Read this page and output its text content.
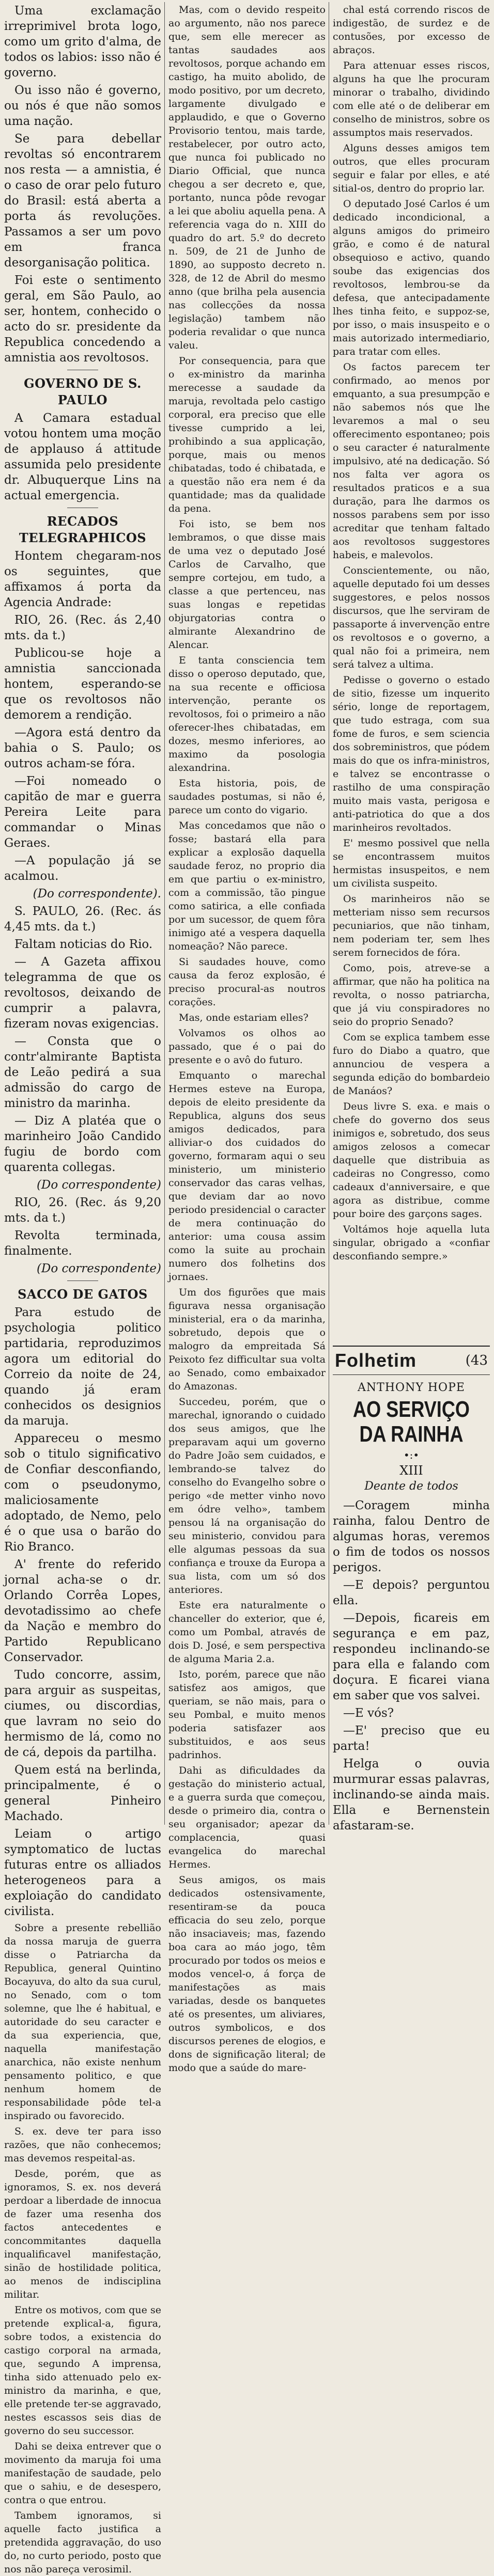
Uma exclamação irreprimivel brota logo, como um grito d'alma, de todos os labios: isso não é governo.

Ou isso não é governo, ou nós é que não somos uma nação.

Se para debellar revoltas só encontrarem nos resta — a amnistia, é o caso de orar pelo futuro do Brasil: está aberta a porta ás revoluções. Passamos a ser um povo em franca desorganisação politica.

Foi este o sentimento geral, em São Paulo, ao ser, hontem, conhecido o acto do sr. presidente da Republica concedendo a amnistia aos revoltosos.

GOVERNO DE S. PAULO

A Camara estadual votou hontem uma moção de applauso á attitude assumida pelo presidente dr. Albuquerque Lins na actual emergencia.

RECADOS TELEGRAPHICOS

Hontem chegaram-nos os seguintes, que affixamos á porta da Agencia Andrade:

RIO, 26. (Rec. ás 2,40 mts. da t.)

Publicou-se hoje a amnistia sanccionada hontem, esperando-se que os revoltosos não demorem a rendição.

—Agora está dentro da bahia o S. Paulo; os outros acham-se fóra.

—Foi nomeado o capitão de mar e guerra Pereira Leite para commandar o Minas Geraes.

—A população já se acalmou.

(Do correspondente).

S. PAULO, 26. (Rec. ás 4,45 mts. da t.)

Faltam noticias do Rio.

— A Gazeta affixou telegramma de que os revoltosos, deixando de cumprir a palavra, fizeram novas exigencias.

— Consta que o contr'almirante Baptista de Leão pedirá a sua admissão do cargo de ministro da marinha.

— Diz A platéa que o marinheiro João Candido fugiu de bordo com quarenta collegas.

(Do correspondente)

RIO, 26. (Rec. ás 9,20 mts. da t.)

Revolta terminada, finalmente.

(Do correspondente)

SACCO DE GATOS

Para estudo de psychologia politico partidaria, reproduzimos agora um editorial do Correio da noite de 24, quando já eram conhecidos os designios da maruja.

Appareceu o mesmo sob o titulo significativo de Confiar desconfiando, com o pseudonymo, maliciosamente adoptado, de Nemo, pelo é o que usa o barão do Rio Branco.

A' frente do referido jornal acha-se o dr. Orlando Corrêa Lopes, devotadissimo ao chefe da Nação e membro do Partido Republicano Conservador.

Tudo concorre, assim, para arguir as suspeitas, ciumes, ou discordias, que lavram no seio do hermismo de lá, como no de cá, depois da partilha.

Quem está na berlinda, principalmente, é o general Pinheiro Machado.

Leiam o artigo symptomatico de luctas futuras entre os alliados heterogeneos para a exploiação do candidato civilista.

Sobre a presente rebellião da nossa maruja de guerra disse o Patriarcha da Republica, general Quintino Bocayuva, do alto da sua curul, no Senado, com o tom solemne, que lhe é habitual, e autoridade do seu caracter e da sua experiencia, que, naquella manifestação anarchica, não existe nenhum pensamento politico, e que nenhum homem de responsabilidade pôde tel-a inspirado ou favorecido.

S. ex. deve ter para isso razões, que não conhecemos; mas devemos respeital-as.

Desde, porém, que as ignoramos, S. ex. nos deverá perdoar a liberdade de innocua de fazer uma resenha dos factos antecedentes e concommitantes daquella inqualificavel manifestação, sinão de hostilidade politica, ao menos de indisciplina militar.

Entre os motivos, com que se pretende explical-a, figura, sobre todos, a existencia do castigo corporal na armada, que, segundo A imprensa, tinha sido attenuado pelo ex-ministro da marinha, e que, elle pretende ter-se aggravado, nestes escassos seis dias de governo do seu successor.

Dahi se deixa entrever que o movimento da maruja foi uma manifestação de saudade, pelo que o sahiu, e de desespero, contra o que entrou.

Tambem ignoramos, si aquelle facto justifica a pretendida aggravação, do uso do, no curto periodo, posto que nos não pareça verosimil.

Mas, com o devido respeito ao argumento, não nos parece que, sem elle merecer as tantas saudades aos revoltosos, porque achando em castigo, ha muito abolido, de modo positivo, por um decreto, largamente divulgado e applaudido, e que o Governo Provisorio tentou, mais tarde, restabelecer, por outro acto, que nunca foi publicado no Diario Official, que nunca chegou a ser decreto e, que, portanto, nunca pôde revogar a lei que aboliu aquella pena. A referencia vaga do n. XIII do quadro do art. 5.º do decreto n. 509, de 21 de Junho de 1890, ao supposto decreto n. 328, de 12 de Abril do mesmo anno (que brilha pela ausencia nas collecções da nossa legislação) tambem não poderia revalidar o que nunca valeu.

Por consequencia, para que o ex-ministro da marinha merecesse a saudade da maruja, revoltada pelo castigo corporal, era preciso que elle tivesse cumprido a lei, prohibindo a sua applicação, porque, mais ou menos chibatadas, todo é chibatada, e a questão não era nem é da quantidade; mas da qualidade da pena.

Foi isto, se bem nos lembramos, o que disse mais de uma vez o deputado José Carlos de Carvalho, que sempre cortejou, em tudo, a classe a que pertenceu, nas suas longas e repetidas objurgatorias contra o almirante Alexandrino de Alencar.

E tanta consciencia tem disso o operoso deputado, que, na sua recente e officiosa intervenção, perante os revoltosos, foi o primeiro a não oferecer-lhes chibatadas, em dozes, mesmo inferiores, ao maximo da posologia alexandrina.

Esta historia, pois, de saudades postumas, si não é, parece um conto do vigario.

Mas concedamos que não o fosse; bastará ella para explicar a explosão daquella saudade feroz, no proprio dia em que partiu o ex-ministro, com a commissão, tão pingue como satirica, a elle confiada por um sucessor, de quem fôra inimigo até a vespera daquella nomeação? Não parece.

Si saudades houve, como causa da feroz explosão, é preciso procural-as noutros corações.

Mas, onde estariam elles?

Volvamos os olhos ao passado, que é o pai do presente e o avô do futuro.

Emquanto o marechal Hermes esteve na Europa, depois de eleito presidente da Republica, alguns dos seus amigos dedicados, para alliviar-o dos cuidados do governo, formaram aqui o seu ministerio, um ministerio conservador das caras velhas, que deviam dar ao novo periodo presidencial o caracter de mera continuação do anterior: uma cousa assim como la suite au prochain numero dos folhetins dos jornaes.

Um dos figurões que mais figurava nessa organisação ministerial, era o da marinha, sobretudo, depois que o malogro da empreitada Sá Peixoto fez difficultar sua volta ao Senado, como embaixador do Amazonas.

Succedeu, porém, que o marechal, ignorando o cuidado dos seus amigos, que lhe preparavam aqui um governo do Padre João sem cuidados, e lembrando-se talvez do conselho do Evangelho sobre o perigo «de metter vinho novo em ódre velho», tambem pensou lá na organisação do seu ministerio, convidou para elle algumas pessoas da sua confiança e trouxe da Europa a sua lista, com um só dos anteriores.

Este era naturalmente o chanceller do exterior, que é, como um Pombal, através de dois D. José, e sem perspectiva de alguma Maria 2.a.

Isto, porém, parece que não satisfez aos amigos, que queriam, se não mais, para o seu Pombal, e muito menos poderia satisfazer aos substituidos, e aos seus padrinhos.

Dahi as dificuldades da gestação do ministerio actual, e a guerra surda que começou, desde o primeiro dia, contra o seu organisador; apezar da complacencia, quasi evangelica do marechal Hermes.

Seus amigos, os mais dedicados ostensivamente, resentiram-se da pouca efficacia do seu zelo, porque não insaciaveis; mas, fazendo boa cara ao máo jogo, têm procurado por todos os meios e modos vencel-o, á força de manifestações as mais variadas, desde os banquetes até os presentes, um aliviares, outros symbolicos, e dos discursos perenes de elogios, e dons de significação literal; de modo que a saúde do mare-

chal está correndo riscos de indigestão, de surdez e de contusões, por excesso de abraços.

Para attenuar esses riscos, alguns ha que lhe procuram minorar o trabalho, dividindo com elle até o de deliberar em conselho de ministros, sobre os assumptos mais reservados.

Alguns desses amigos tem outros, que elles procuram seguir e falar por elles, e até sitial-os, dentro do proprio lar.

O deputado José Carlos é um dedicado incondicional, a alguns amigos do primeiro grão, e como é de natural obsequioso e activo, quando soube das exigencias dos revoltosos, lembrou-se da defesa, que antecipadamente lhes tinha feito, e suppoz-se, por isso, o mais insuspeito e o mais autorizado intermediario, para tratar com elles.

Os factos parecem ter confirmado, ao menos por emquanto, a sua presumpção e não sabemos nós que lhe levaremos a mal o seu offerecimento espontaneo; pois o seu caracter é naturalmente impulsivo, até na dedicação. Só nos falta ver agora os resultados praticos e a sua duração, para lhe darmos os nossos parabens sem por isso acreditar que tenham faltado aos revoltosos suggestores habeis, e malevolos.

Conscientemente, ou não, aquelle deputado foi um desses suggestores, e pelos nossos discursos, que lhe serviram de passaporte á invervenção entre os revoltosos e o governo, a qual não foi a primeira, nem será talvez a ultima.

Pedisse o governo o estado de sitio, fizesse um inquerito sério, longe de reportagem, que tudo estraga, com sua fome de furos, e sem sciencia dos sobreministros, que pódem mais do que os infra-ministros, e talvez se encontrasse o rastilho de uma conspiração muito mais vasta, perigosa e anti-patriotica do que a dos marinheiros revoltados.

E' mesmo possivel que nella se encontrassem muitos hermistas insuspeitos, e nem um civilista suspeito.

Os marinheiros não se metteriam nisso sem recursos pecuniarios, que não tinham, nem poderiam ter, sem lhes serem fornecidos de fóra.

Como, pois, atreve-se a affirmar, que não ha politica na revolta, o nosso patriarcha, que já viu conspiradores no seio do proprio Senado?

Com se explica tambem esse furo do Diabo a quatro, que annunciou de vespera a segunda edição do bombardeio de Manáos?

Deus livre S. exa. e mais o chefe do governo dos seus inimigos e, sobretudo, dos seus amigos zelosos a comecar daquelle que distribuia as cadeiras no Congresso, como cadeaux d'anniversaire, e que agora as distribue, comme pour boire des garçons sages.

Voltámos hoje aquella luta singular, obrigado a «confiar desconfiando sempre.»

Folhetim	(43
ANTHONY HOPE
AO SERVIÇO DA RAINHA
•:•
XIII
Deante de todos

—Coragem minha rainha, falou Dentro de algumas horas, veremos o fim de todos os nossos perigos.

—E depois? perguntou ella.

—Depois, ficareis em segurança e em paz, respondeu inclinando-se para ella e falando com doçura. E ficarei viana em saber que vos salvei.

—E vós?

—E' preciso que eu parta!

Helga o ouvia murmurar essas palavras, inclinando-se ainda mais. Ella e Bernenstein afastaram-se.
